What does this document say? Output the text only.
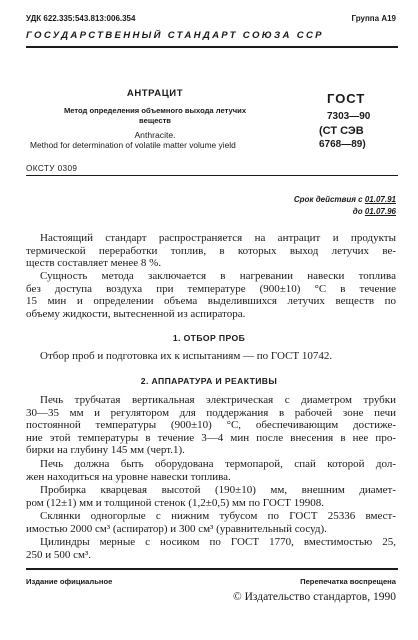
УДК 622.335:543.813:006.354	Группа А19
ГОСУДАРСТВЕННЫЙ СТАНДАРТ СОЮЗА ССР
АНТРАЦИТ
Метод определения объемного выхода летучих
веществ
Anthracite.
Method for determination of volatile matter volume yield
ГОСТ
7303—90
(СТ СЭВ
6768—89)
ОКСТУ 0309
Срок действия с 01.07.91
до 01.07.96
Настоящий стандарт распространяется на антрацит и продукты
термической переработки топлив, в которых выход летучих ве-
ществ составляет менее 8 %.
Сущность метода заключается в нагревании навески топлива
без доступа воздуха при температуре (900±10) °С в течение
15 мин и определении объема выделившихся летучих веществ по
объему жидкости, вытесненной из аспиратора.
1. ОТБОР ПРОБ
Отбор проб и подготовка их к испытаниям — по ГОСТ 10742.
2. АППАРАТУРА И РЕАКТИВЫ
Печь трубчатая вертикальная электрическая с диаметром трубки
30—35 мм и регулятором для поддержания в рабочей зоне печи
постоянной температуры (900±10) °С, обеспечивающим достиже-
ние этой температуры в течение 3—4 мин после внесения в нее про-
бирки на глубину 145 мм (черт.1).
Печь должна быть оборудована термопарой, спай которой дол-
жен находиться на уровне навески топлива.
Пробирка кварцевая высотой (190±10) мм, внешним диамет-
ром (12±1) мм и толщиной стенок (1,2±0,5) мм по ГОСТ 19908.
Склянки одногорлые с нижним тубусом по ГОСТ 25336 вмест-
имостью 2000 см³ (аспиратор) и 300 см³ (уравнительный сосуд).
Цилиндры мерные с носиком по ГОСТ 1770, вместимостью 25,
250 и 500 см³.
Издание официальное	Перепечатка воспрещена
© Издательство стандартов, 1990
